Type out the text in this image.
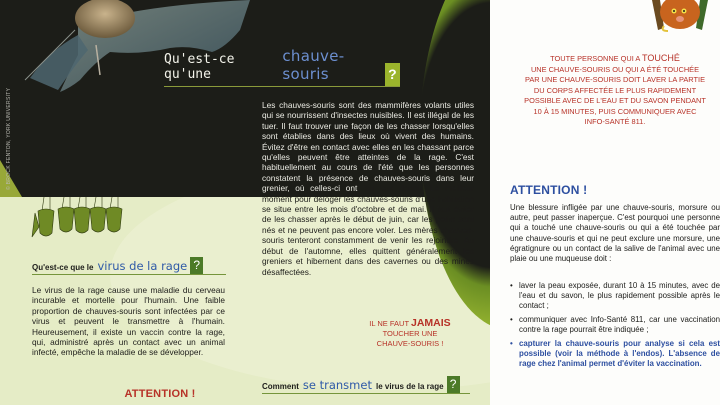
© BROCK FENTON, YORK UNIVERSITY
Qu'est-ce qu'une
chauve-souris	?
Les chauves-souris sont des mammifères volants utiles qui se nourrissent d'insectes nuisibles. Il est illégal de les tuer. Il faut trouver une façon de les chasser lorsqu'elles sont établies dans des lieux où vivent des humains. Évitez d'être en contact avec elles en les chassant parce qu'elles peuvent être atteintes de la rage. C'est habituellement au cours de l'été que les personnes constatent la présence de chauves-souris dans leur grenier, où celles-ci ont fait leur dortoir. Le meilleur moment pour déloger les chauves-souris d'une habitation se situe entre les mois d'octobre et de mai. Il faut éviter de les chasser après le début de juin, car les petits sont nés et ne peuvent pas encore voler. Les mères chauves-souris tenteront constamment de venir les rejoindre. Au début de l'automne, elles quittent généralement les greniers et hibernent dans des cavernes ou des mines désaffectées.
Qu'est-ce que le virus de la rage ?
Le virus de la rage cause une maladie du cerveau incurable et mortelle pour l'humain. Une faible proportion de chauves-souris sont infectées par ce virus et peuvent le transmettre à l'humain. Heureusement, il existe un vaccin contre la rage, qui, administré après un contact avec un animal infecté, empêche la maladie de se développer.
IL NE FAUT JAMAIS
TOUCHER UNE
CHAUVE-SOURIS !
Comment se transmet le virus de la rage ?
ATTENTION !
TOUTE PERSONNE QUI A TOUCHÉ
UNE CHAUVE-SOURIS OU QUI A ÉTÉ TOUCHÉE
PAR UNE CHAUVE-SOURIS DOIT LAVER LA PARTIE
DU CORPS AFFECTÉE LE PLUS RAPIDEMENT
POSSIBLE AVEC DE L'EAU ET DU SAVON PENDANT
10 À 15 MINUTES, PUIS COMMUNIQUER AVEC
INFO-SANTÉ 811.
ATTENTION !
Une blessure infligée par une chauve-souris, morsure ou autre, peut passer inaperçue. C'est pourquoi une personne qui a touché une chauve-souris ou qui a été touchée par une chauve-souris et qui ne peut exclure une morsure, une égratignure ou un contact de la salive de l'animal avec une plaie ou une muqueuse doit :
• laver la peau exposée, durant 10 à 15 minutes, avec de l'eau et du savon, le plus rapidement possible après le contact ;
• communiquer avec Info-Santé 811, car une vaccination contre la rage pourrait être indiquée ;
• capturer la chauve-souris pour analyse si cela est possible (voir la méthode à l'endos). L'absence de rage chez l'animal permet d'éviter la vaccination.
